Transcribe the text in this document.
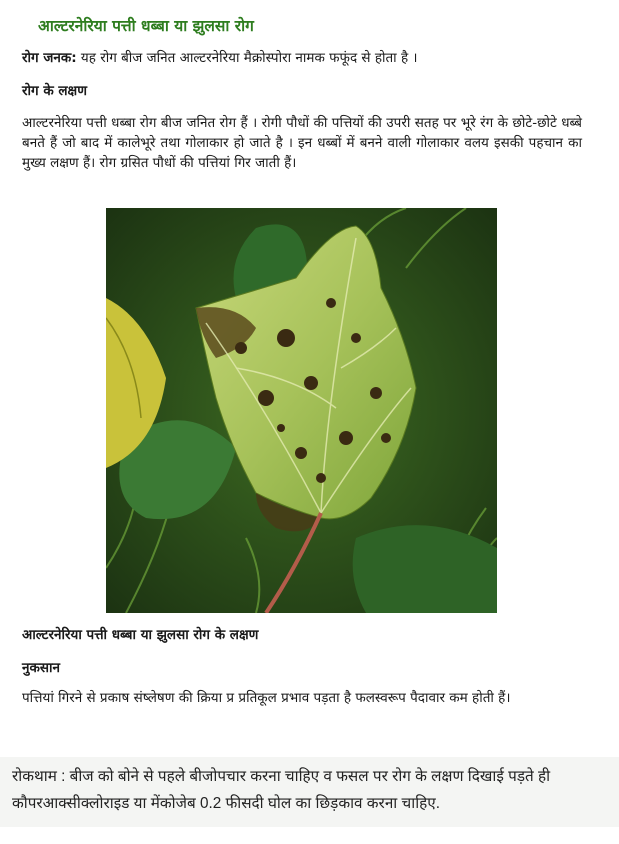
आल्टरनेरिया पत्ती धब्बा या झुलसा रोग
रोग जनक: यह रोग बीज जनित आल्टरनेरिया मैक्रोस्पोरा नामक फफूंद से होता है ।
रोग के लक्षण

आल्टरनेरिया पत्ती धब्बा रोग बीज जनित रोग हैं । रोगी पौधों की पत्तियों की उपरी सतह पर भूरे रंग के छोटे-छोटे धब्बे बनते हैं जो बाद में कालेभूरे तथा गोलाकार हो जाते है । इन धब्बों में बनने वाली गोलाकार वलय इसकी पहचान का मुख्य लक्षण हैं। रोग ग्रसित पौधों की पत्तियां गिर जाती हैं।

आल्टरनेरिया पत्ती धब्बा या झुलसा रोग के लक्षण
नुकसान

पत्तियां गिरने से प्रकाष संष्लेषण की क्रिया प्र प्रतिकूल प्रभाव पड़ता है फलस्वरूप पैदावार कम होती हैं।

रोकथाम : बीज को बोने से पहले बीजोपचार करना चाहिए व फसल पर रोग के लक्षण दिखाई पड़ते ही कौपरआक्सीक्लोराइड या मेंकोजेब 0.2 फीसदी घोल का छिड़काव करना चाहिए.
